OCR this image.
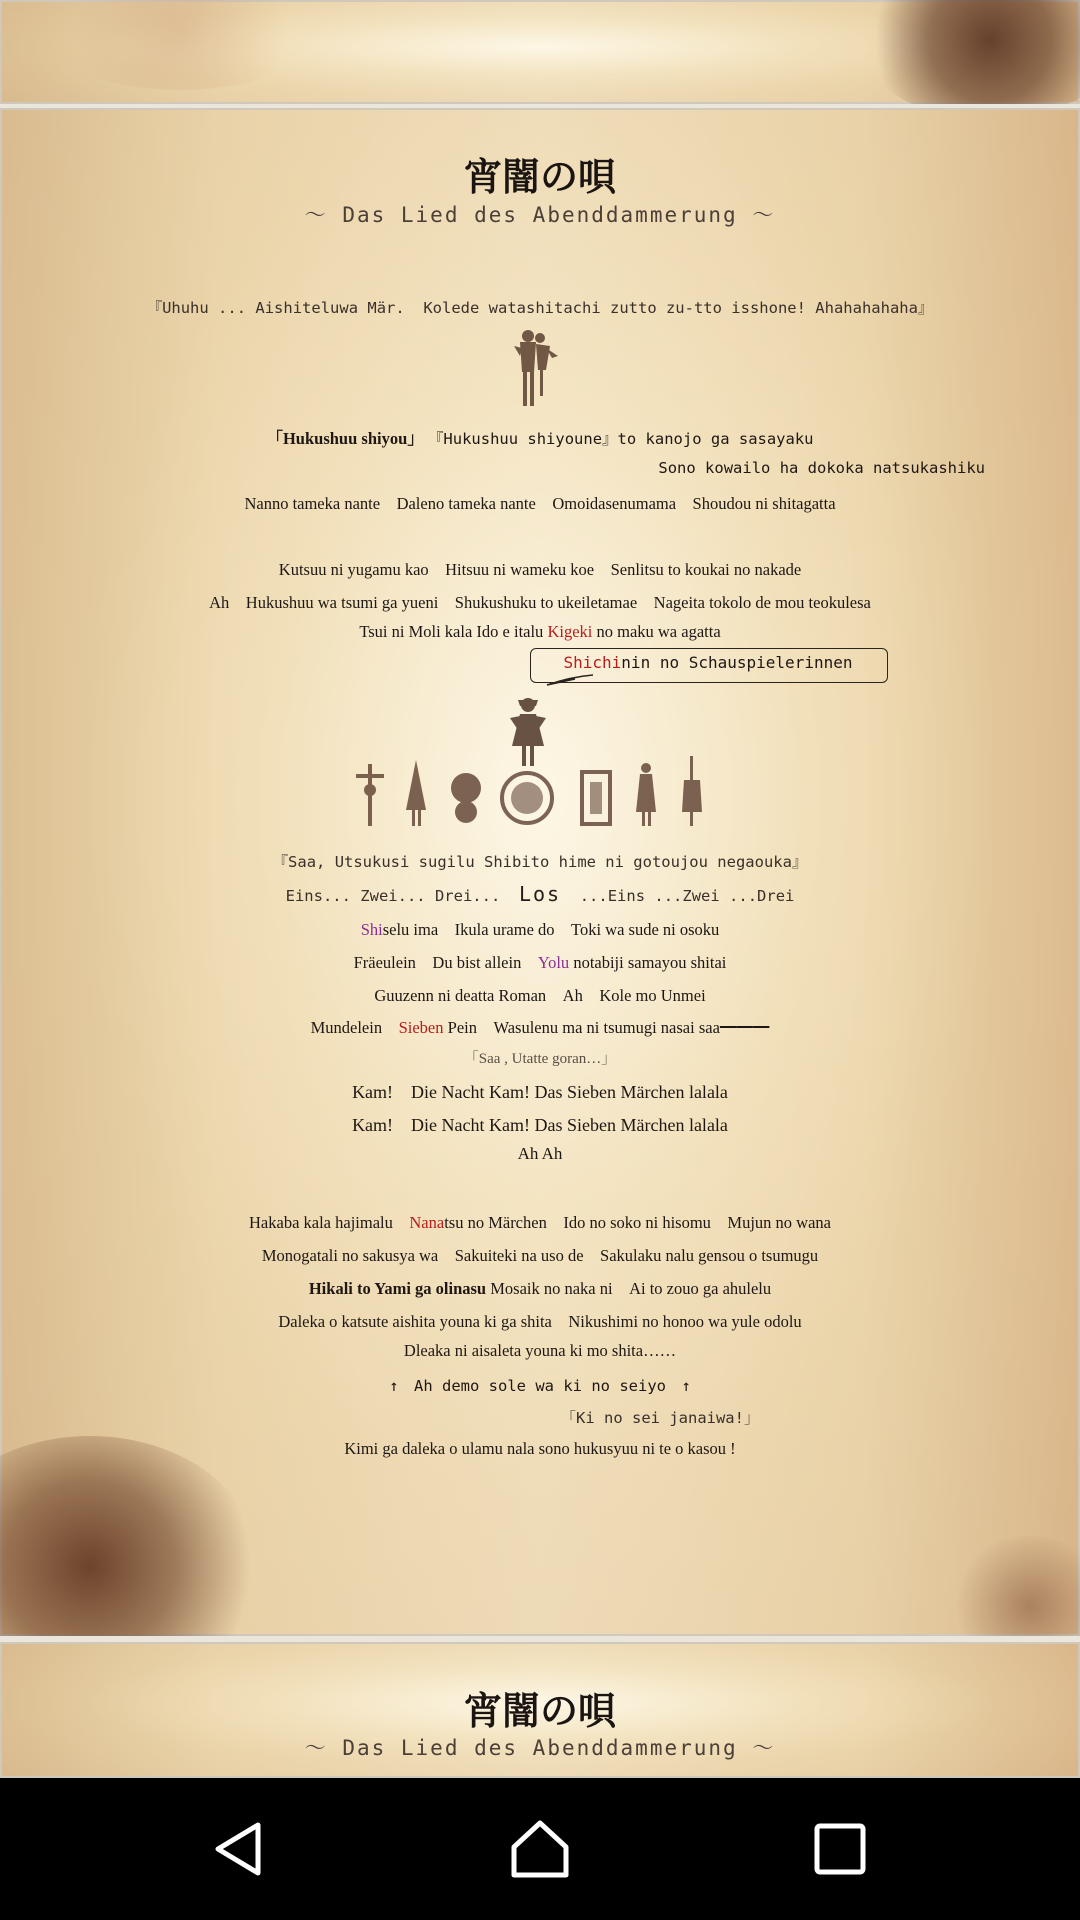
宵闇の唄
～ Das Lied des Abenddammerung ～
『Uhuhu ... Aishiteluwa Mär.  Kolede watashitachi zutto zu-tto isshone! Ahahahahaha』
「Hukushuu shiyou」 『Hukushuu shiyoune』to kanojo ga sasayaku
Sono kowailo ha dokoka natsukashiku
Nanno tameka nante　Daleno tameka nante　Omoidasenumama　Shoudou ni shitagatta
Kutsuu ni yugamu kao　Hitsuu ni wameku koe　Senlitsu to koukai no nakade
Ah　Hukushuu wa tsumi ga yueni　Shukushuku to ukeiletamae　Nageita tokolo de mou teokulesa
Tsui ni Moli kala Ido e italu Kigeki no maku wa agatta
Shichinin no Schauspielerinnen
『Saa, Utsukusi sugilu Shibito hime ni gotoujou negaouka』
Eins... Zwei... Drei...  Los  ...Eins ...Zwei ...Drei
Shiselu ima　Ikula urame do　Toki wa sude ni osoku
Fräeulein　Du bist allein　Yolu notabiji samayou shitai
Guuzenn ni deatta Roman　Ah　Kole mo Unmei
Mundelein　Sieben Pein　Wasulenu ma ni tsumugi nasai saa━━━
「Saa , Utatte goran…」
Kam!　Die Nacht Kam! Das Sieben Märchen lalala
Kam!　Die Nacht Kam! Das Sieben Märchen lalala
Ah Ah
Hakaba kala hajimalu　Nanatsu no Märchen　Ido no soko ni hisomu　Mujun no wana
Monogatali no sakusya wa　Sakuiteki na uso de　Sakulaku nalu gensou o tsumugu
Hikali to Yami ga olinasu Mosaik no naka ni　Ai to zouo ga ahulelu
Daleka o katsute aishita youna ki ga shita　Nikushimi no honoo wa yule odolu
Dleaka ni aisaleta youna ki mo shita……
↑　Ah demo sole wa ki no seiyo　↑
「Ki no sei janaiwa!」
Kimi ga daleka o ulamu nala sono hukusyuu ni te o kasou !
宵闇の唄
～ Das Lied des Abenddammerung ～
